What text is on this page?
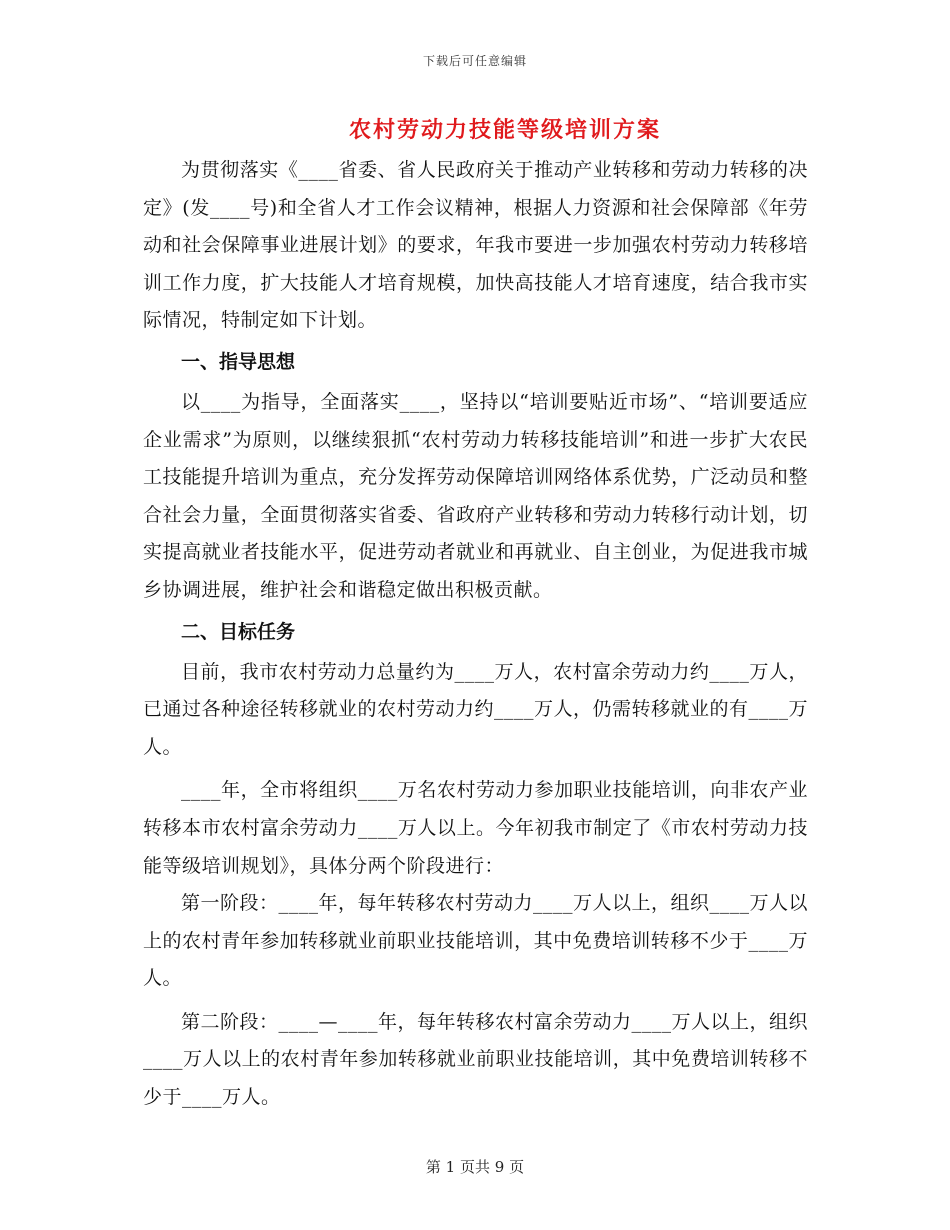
下载后可任意编辑
农村劳动力技能等级培训方案

为贯彻落实《____省委、省人民政府关于推动产业转移和劳动力转移的决定》(发____号)和全省人才工作会议精神，根据人力资源和社会保障部《年劳动和社会保障事业进展计划》的要求，年我市要进一步加强农村劳动力转移培训工作力度，扩大技能人才培育规模，加快高技能人才培育速度，结合我市实际情况，特制定如下计划。

一、指导思想

以____为指导，全面落实____，坚持以“培训要贴近市场”、“培训要适应企业需求”为原则，以继续狠抓“农村劳动力转移技能培训”和进一步扩大农民工技能提升培训为重点，充分发挥劳动保障培训网络体系优势，广泛动员和整合社会力量，全面贯彻落实省委、省政府产业转移和劳动力转移行动计划，切实提高就业者技能水平，促进劳动者就业和再就业、自主创业，为促进我市城乡协调进展，维护社会和谐稳定做出积极贡献。

二、目标任务

目前，我市农村劳动力总量约为____万人，农村富余劳动力约____万人，已通过各种途径转移就业的农村劳动力约____万人，仍需转移就业的有____万人。

____年，全市将组织____万名农村劳动力参加职业技能培训，向非农产业转移本市农村富余劳动力____万人以上。今年初我市制定了《市农村劳动力技能等级培训规划》，具体分两个阶段进行：

第一阶段：____年，每年转移农村劳动力____万人以上，组织____万人以上的农村青年参加转移就业前职业技能培训，其中免费培训转移不少于____万人。

第二阶段：____—____年，每年转移农村富余劳动力____万人以上，组织____万人以上的农村青年参加转移就业前职业技能培训，其中免费培训转移不少于____万人。

第 1 页共 9 页
